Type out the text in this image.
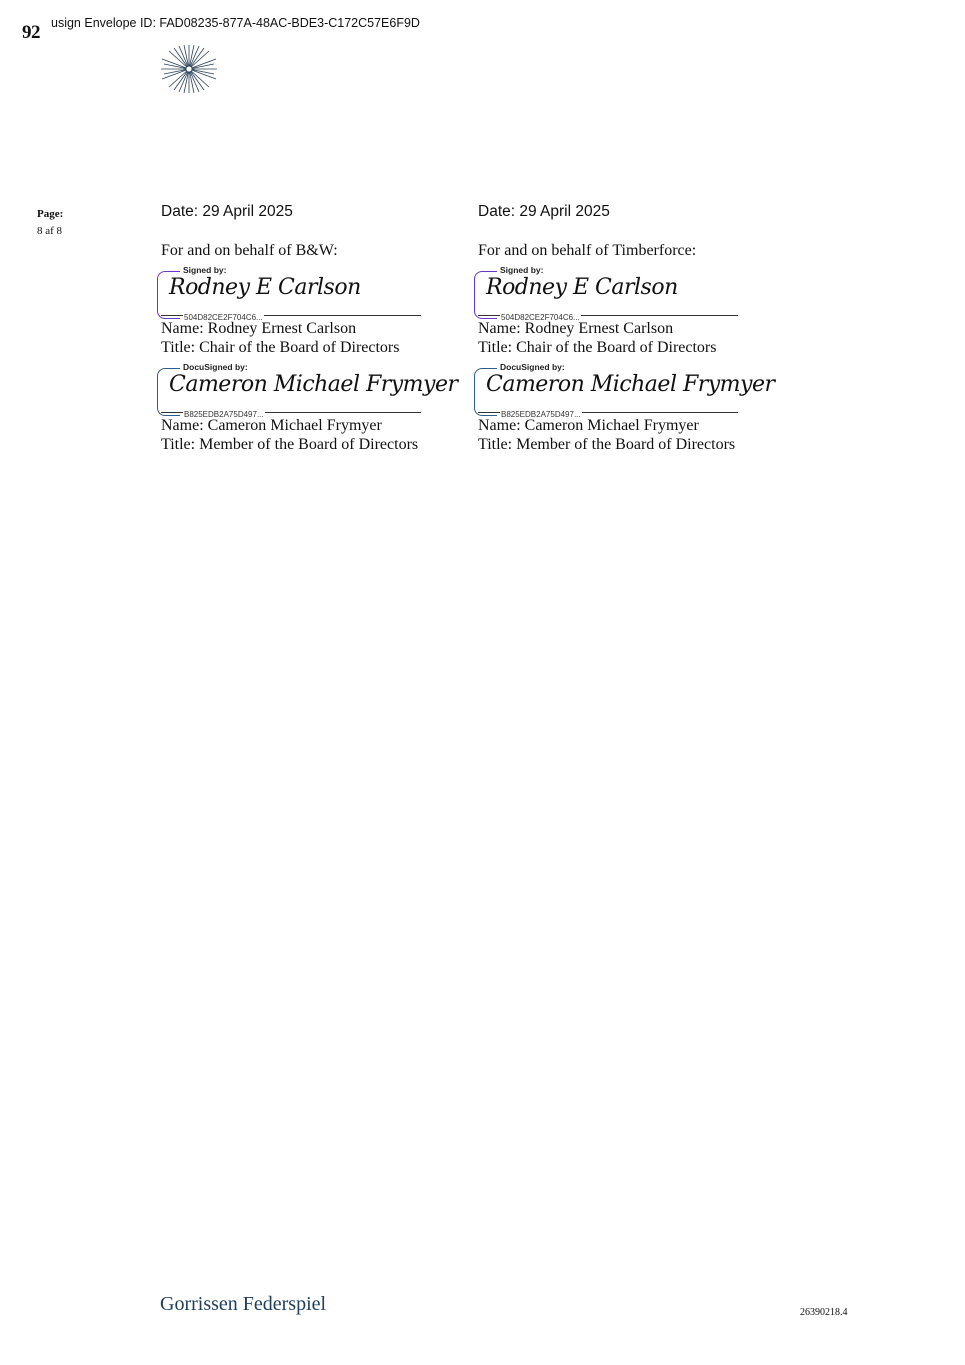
92 usign Envelope ID: FAD08235-877A-48AC-BDE3-C172C57E6F9D
Page:
8 af 8
Date: 29 April 2025
For and on behalf of B&W:
Signed by:
Rodney E Carlson
504D82CE2F704C6...
Name: Rodney Ernest Carlson
Title: Chair of the Board of Directors
DocuSigned by:
Cameron Michael Frymyer
B825EDB2A75D497...
Name: Cameron Michael Frymyer
Title: Member of the Board of Directors
Date: 29 April 2025
For and on behalf of Timberforce:
Signed by:
Rodney E Carlson
504D82CE2F704C6...
Name: Rodney Ernest Carlson
Title: Chair of the Board of Directors
DocuSigned by:
Cameron Michael Frymyer
B825EDB2A75D497...
Name: Cameron Michael Frymyer
Title: Member of the Board of Directors
Gorrissen Federspiel	26390218.4
